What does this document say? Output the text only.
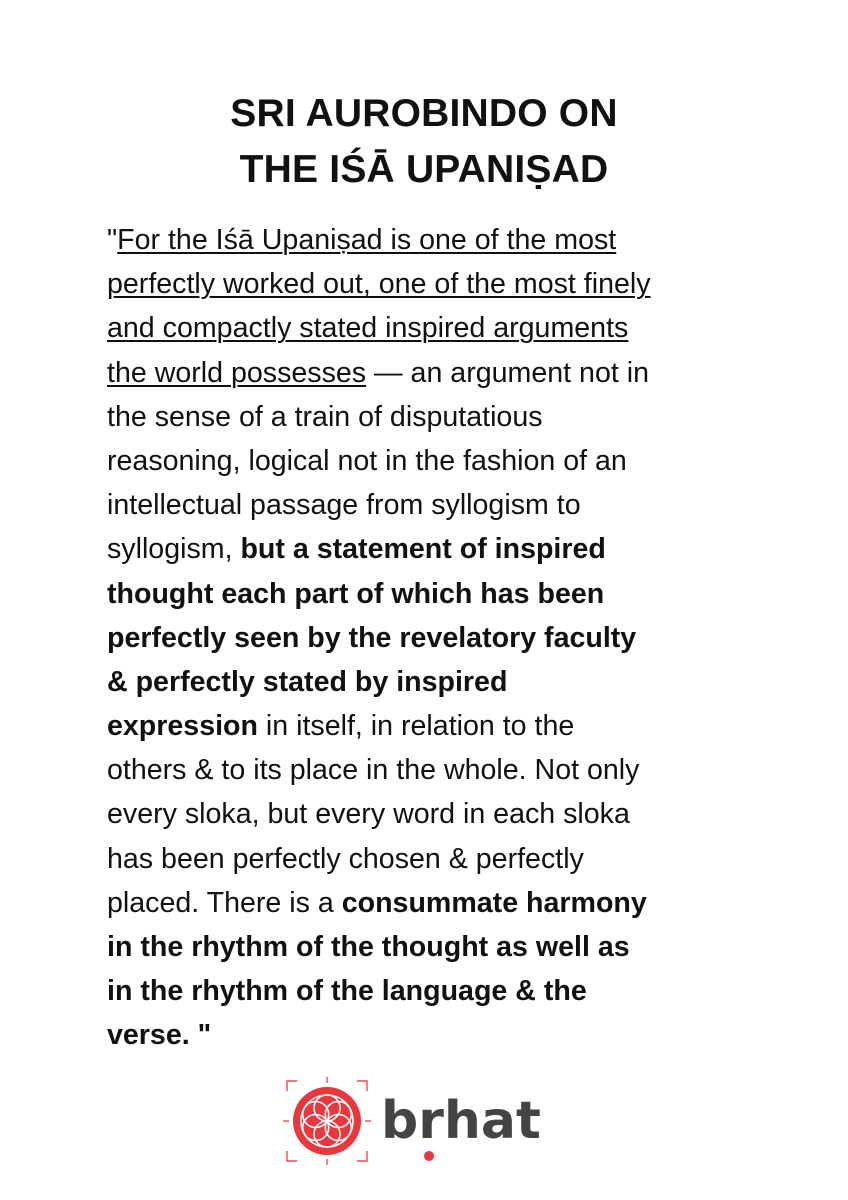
SRI AUROBINDO ON
THE IŚĀ UPANIṢAD
"For the Iśā Upaniṣad is one of the most
perfectly worked out, one of the most finely
and compactly stated inspired arguments
the world possesses — an argument not in
the sense of a train of disputatious
reasoning, logical not in the fashion of an
intellectual passage from syllogism to
syllogism, but a statement of inspired
thought each part of which has been
perfectly seen by the revelatory faculty
& perfectly stated by inspired
expression in itself, in relation to the
others & to its place in the whole. Not only
every sloka, but every word in each sloka
has been perfectly chosen & perfectly
placed. There is a consummate harmony
in the rhythm of the thought as well as
in the rhythm of the language & the
verse. "
brhat
